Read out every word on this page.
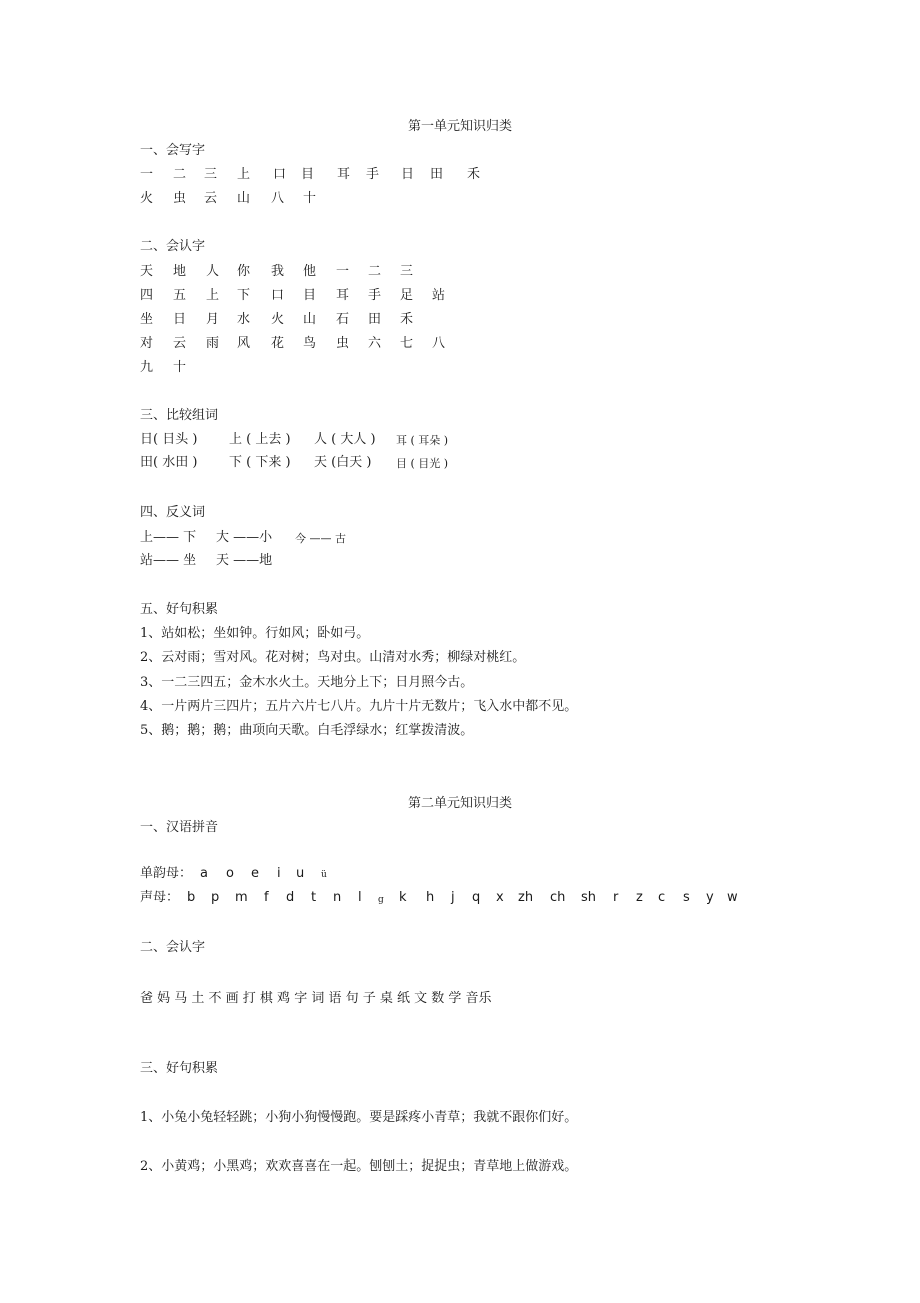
第一单元知识归类
一、会写字
一 二 三 上 口 目 耳 手 日 田 禾
火 虫 云 山 八 十
二、会认字
天 地 人 你 我 他 一 二 三
四 五 上 下 口 目 耳 手 足 站
坐 日 月 水 火 山 石 田 禾
对 云 雨 风 花 鸟 虫 六 七 八
九 十
三、比较组词
日( 日头 ) 上 ( 上去 ) 人 ( 大人 ) 耳 ( 耳朵 )
田( 水田 ) 下 ( 下来 ) 天 (白天 ) 目 ( 目光 )
四、反义词
上—— 下 大 ——小 今 —— 古
站—— 坐 天 ——地
五、好句积累
1、站如松；坐如钟。行如风；卧如弓。
2、云对雨；雪对风。花对树；鸟对虫。山清对水秀；柳绿对桃红。
3、一二三四五；金木水火土。天地分上下；日月照今古。
4、一片两片三四片；五片六片七八片。九片十片无数片；飞入水中都不见。
5、鹅；鹅；鹅；曲项向天歌。白毛浮绿水；红掌拨清波。
第二单元知识归类
一、汉语拼音
单韵母： a o e i u ü
声母： b p m f d t n l g k h j q x zh ch sh r z c s y w
二、会认字
爸 妈 马 土 不 画 打 棋 鸡 字 词 语 句 子 桌 纸 文 数 学 音乐
三、好句积累
1、小兔小兔轻轻跳；小狗小狗慢慢跑。要是踩疼小青草；我就不跟你们好。
2、小黄鸡；小黑鸡；欢欢喜喜在一起。刨刨土；捉捉虫；青草地上做游戏。
